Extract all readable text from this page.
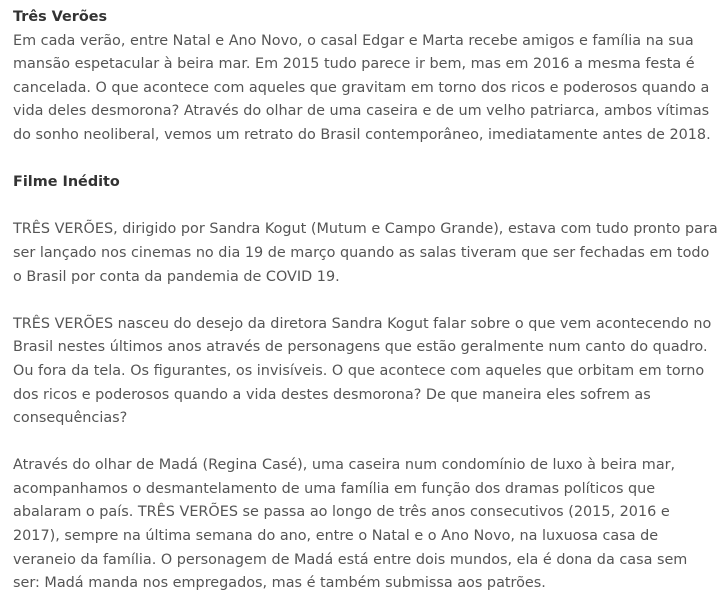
Três Verões

Em cada verão, entre Natal e Ano Novo, o casal Edgar e Marta recebe amigos e família na sua mansão espetacular à beira mar. Em 2015 tudo parece ir bem, mas em 2016 a mesma festa é cancelada. O que acontece com aqueles que gravitam em torno dos ricos e poderosos quando a vida deles desmorona? Através do olhar de uma caseira e de um velho patriarca, ambos vítimas do sonho neoliberal, vemos um retrato do Brasil contemporâneo, imediatamente antes de 2018.

Filme Inédito

TRÊS VERÕES, dirigido por Sandra Kogut (Mutum e Campo Grande), estava com tudo pronto para ser lançado nos cinemas no dia 19 de março quando as salas tiveram que ser fechadas em todo o Brasil por conta da pandemia de COVID 19.

TRÊS VERÕES nasceu do desejo da diretora Sandra Kogut falar sobre o que vem acontecendo no Brasil nestes últimos anos através de personagens que estão geralmente num canto do quadro. Ou fora da tela. Os figurantes, os invisíveis. O que acontece com aqueles que orbitam em torno dos ricos e poderosos quando a vida destes desmorona? De que maneira eles sofrem as consequências?

Através do olhar de Madá (Regina Casé), uma caseira num condomínio de luxo à beira mar, acompanhamos o desmantelamento de uma família em função dos dramas políticos que abalaram o país. TRÊS VERÕES se passa ao longo de três anos consecutivos (2015, 2016 e 2017), sempre na última semana do ano, entre o Natal e o Ano Novo, na luxuosa casa de veraneio da família. O personagem de Madá está entre dois mundos, ela é dona da casa sem ser: Madá manda nos empregados, mas é também submissa aos patrões.
